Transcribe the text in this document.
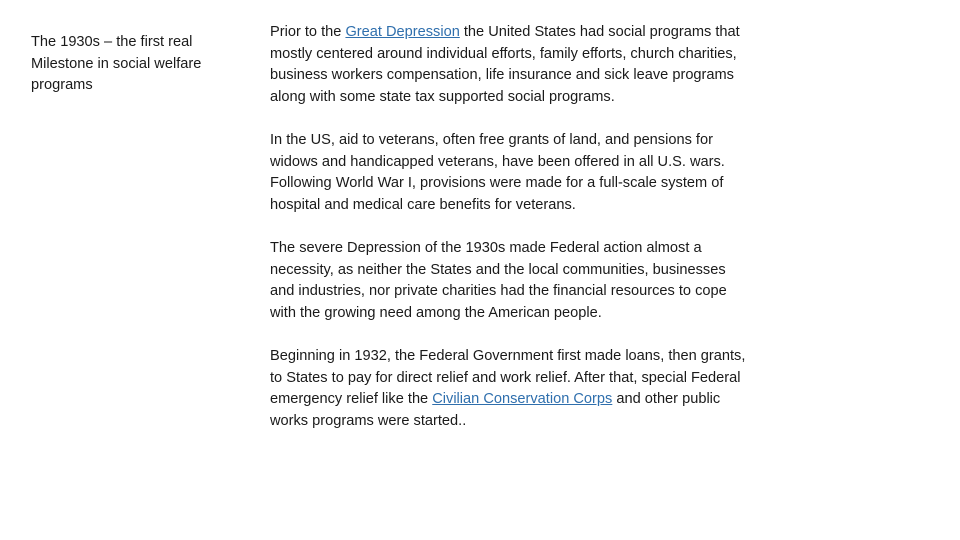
The 1930s – the first real Milestone in social welfare programs

Prior to the Great Depression the United States had social programs that mostly centered around individual efforts, family efforts, church charities, business workers compensation, life insurance and sick leave programs along with some state tax supported social programs.

In the US, aid to veterans, often free grants of land, and pensions for widows and handicapped veterans, have been offered in all U.S. wars. Following World War I, provisions were made for a full-scale system of hospital and medical care benefits for veterans.

The severe Depression of the 1930s made Federal action almost a necessity, as neither the States and the local communities, businesses and industries, nor private charities had the financial resources to cope with the growing need among the American people.

Beginning in 1932, the Federal Government first made loans, then grants, to States to pay for direct relief and work relief. After that, special Federal emergency relief like the Civilian Conservation Corps and other public works programs were started..
